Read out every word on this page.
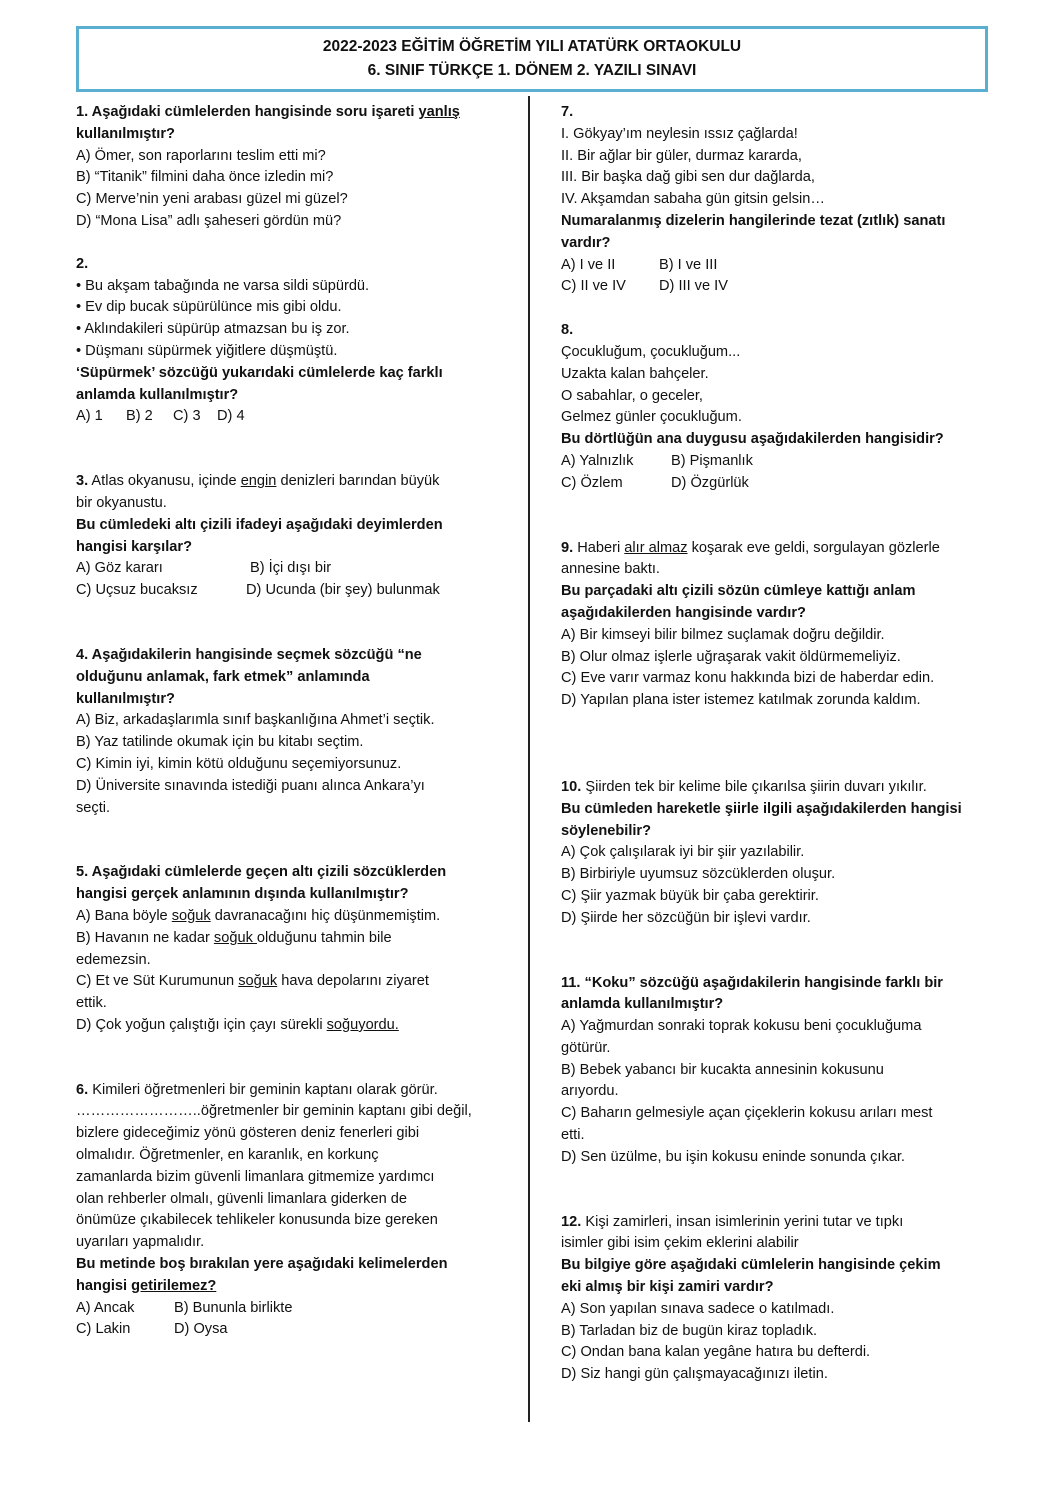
2022-2023 EĞİTİM ÖĞRETİM YILI ATATÜRK ORTAOKULU
6. SINIF TÜRKÇE 1. DÖNEM 2. YAZILI SINAVI

1. Aşağıdaki cümlelerden hangisinde soru işareti yanlış

kullanılmıştır?

A) Ömer, son raporlarını teslim etti mi?

B) “Titanik” filmini daha önce izledin mi?

C) Merve’nin yeni arabası güzel mi güzel?

D) “Mona Lisa” adlı şaheseri gördün mü?

2.

• Bu akşam tabağında ne varsa sildi süpürdü.

• Ev dip bucak süpürülünce mis gibi oldu.

• Aklındakileri süpürüp atmazsan bu iş zor.

• Düşmanı süpürmek yiğitlere düşmüştü.

‘Süpürmek’ sözcüğü yukarıdaki cümlelerde kaç farklı

anlamda kullanılmıştır?

A) 1	B) 2	C) 3	D) 4

3. Atlas okyanusu, içinde engin denizleri barından büyük

bir okyanustu.

Bu cümledeki altı çizili ifadeyi aşağıdaki deyimlerden

hangisi karşılar?

A) Göz kararı	B) İçi dışı bir

C) Uçsuz bucaksız	D) Ucunda (bir şey) bulunmak

4. Aşağıdakilerin hangisinde seçmek sözcüğü “ne

olduğunu anlamak, fark etmek” anlamında

kullanılmıştır?

A) Biz, arkadaşlarımla sınıf başkanlığına Ahmet’i seçtik.

B) Yaz tatilinde okumak için bu kitabı seçtim.

C) Kimin iyi, kimin kötü olduğunu seçemiyorsunuz.

D) Üniversite sınavında istediği puanı alınca Ankara’yı

seçti.

5. Aşağıdaki cümlelerde geçen altı çizili sözcüklerden

hangisi gerçek anlamının dışında kullanılmıştır?

A) Bana böyle soğuk davranacağını hiç düşünmemiştim.

B) Havanın ne kadar soğuk olduğunu tahmin bile

edemezsin.

C) Et ve Süt Kurumunun soğuk hava depolarını ziyaret

ettik.

D) Çok yoğun çalıştığı için çayı sürekli soğuyordu.

6. Kimileri öğretmenleri bir geminin kaptanı olarak görür.

……………………..öğretmenler bir geminin kaptanı gibi değil,

bizlere gideceğimiz yönü gösteren deniz fenerleri gibi

olmalıdır. Öğretmenler, en karanlık, en korkunç

zamanlarda bizim güvenli limanlara gitmemize yardımcı

olan rehberler olmalı, güvenli limanlara giderken de

önümüze çıkabilecek tehlikeler konusunda bize gereken

uyarıları yapmalıdır.

Bu metinde boş bırakılan yere aşağıdaki kelimelerden

hangisi getirilemez?

A) Ancak	B) Bununla birlikte

C) Lakin	D) Oysa

7.

I. Gökyay’ım neylesin ıssız çağlarda!

II. Bir ağlar bir güler, durmaz kararda,

III. Bir başka dağ gibi sen dur dağlarda,

IV. Akşamdan sabaha gün gitsin gelsin…

Numaralanmış dizelerin hangilerinde tezat (zıtlık) sanatı

vardır?

A) I ve II	B) I ve III

C) II ve IV	D) III ve IV

8.

Çocukluğum, çocukluğum...

Uzakta kalan bahçeler.

O sabahlar, o geceler,

Gelmez günler çocukluğum.

Bu dörtlüğün ana duygusu aşağıdakilerden hangisidir?

A) Yalnızlık	B) Pişmanlık

C) Özlem	D) Özgürlük

9. Haberi alır almaz koşarak eve geldi, sorgulayan gözlerle

annesine baktı.

Bu parçadaki altı çizili sözün cümleye kattığı anlam

aşağıdakilerden hangisinde vardır?

A) Bir kimseyi bilir bilmez suçlamak doğru değildir.

B) Olur olmaz işlerle uğraşarak vakit öldürmemeliyiz.

C) Eve varır varmaz konu hakkında bizi de haberdar edin.

D) Yapılan plana ister istemez katılmak zorunda kaldım.

10. Şiirden tek bir kelime bile çıkarılsa şiirin duvarı yıkılır.

Bu cümleden hareketle şiirle ilgili aşağıdakilerden hangisi

söylenebilir?

A) Çok çalışılarak iyi bir şiir yazılabilir.

B) Birbiriyle uyumsuz sözcüklerden oluşur.

C) Şiir yazmak büyük bir çaba gerektirir.

D) Şiirde her sözcüğün bir işlevi vardır.

11. “Koku” sözcüğü aşağıdakilerin hangisinde farklı bir

anlamda kullanılmıştır?

A) Yağmurdan sonraki toprak kokusu beni çocukluğuma

götürür.

B) Bebek yabancı bir kucakta annesinin kokusunu

arıyordu.

C) Baharın gelmesiyle açan çiçeklerin kokusu arıları mest

etti.

D) Sen üzülme, bu işin kokusu eninde sonunda çıkar.

12. Kişi zamirleri, insan isimlerinin yerini tutar ve tıpkı

isimler gibi isim çekim eklerini alabilir

Bu bilgiye göre aşağıdaki cümlelerin hangisinde çekim

eki almış bir kişi zamiri vardır?

A) Son yapılan sınava sadece o katılmadı.

B) Tarladan biz de bugün kiraz topladık.

C) Ondan bana kalan yegâne hatıra bu defterdi.

D) Siz hangi gün çalışmayacağınızı iletin.
